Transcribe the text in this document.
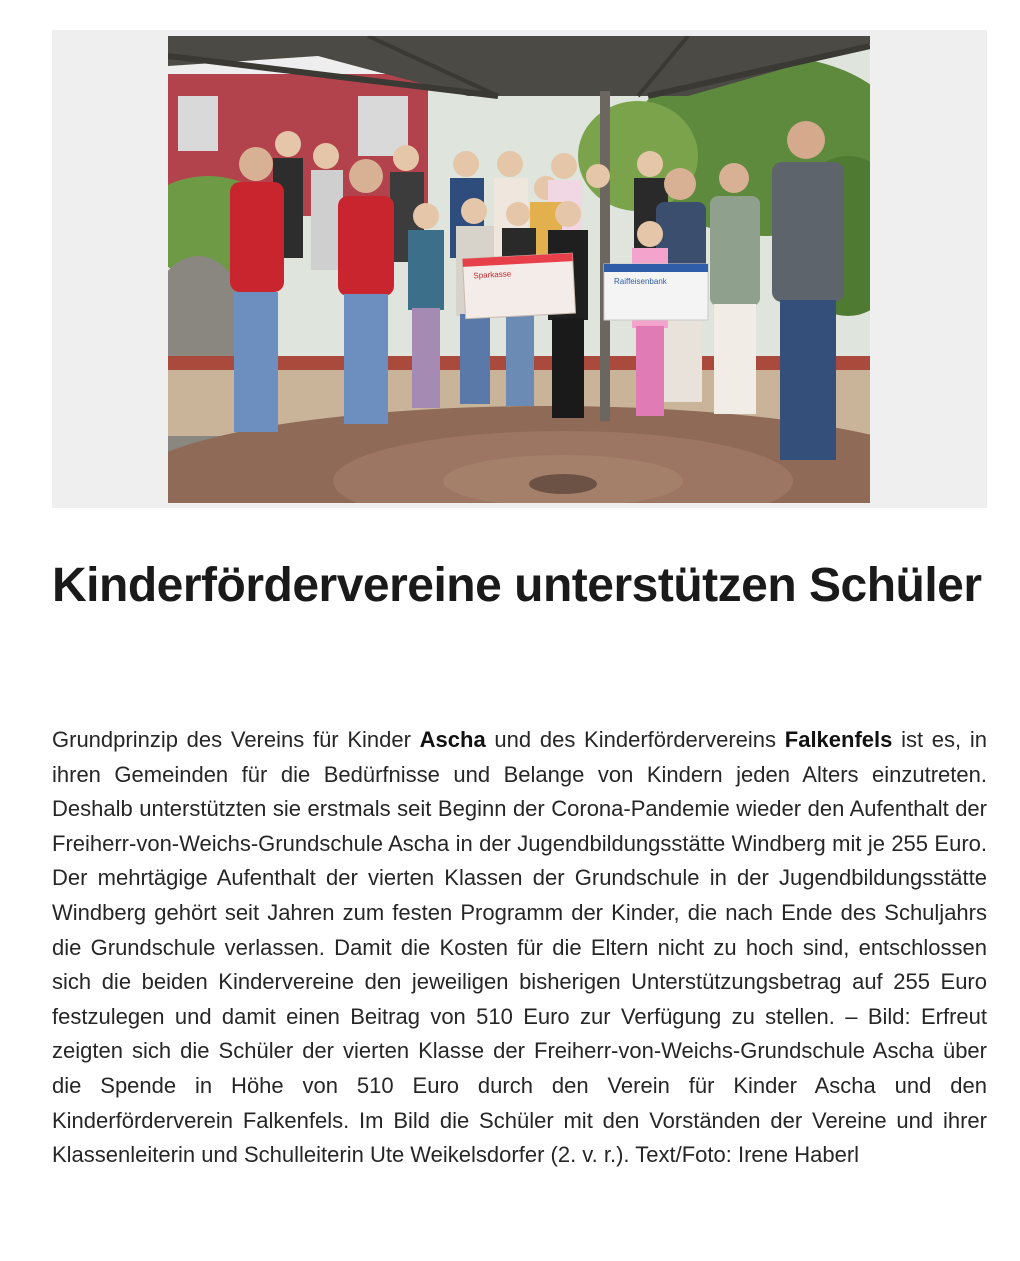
Sparkasse
Raiffeisenbank
Kinderfördervereine unterstützen Schüler

Grundprinzip des Vereins für Kinder Ascha und des Kinderfördervereins Falkenfels ist es, in ihren Gemeinden für die Bedürfnisse und Belange von Kindern jeden Alters einzutreten. Deshalb unterstützten sie erstmals seit Beginn der Corona-Pandemie wieder den Aufenthalt der Freiherr-von-Weichs-Grundschule Ascha in der Jugendbildungsstätte Windberg mit je 255 Euro. Der mehrtägige Aufenthalt der vierten Klassen der Grundschule in der Jugendbildungsstätte Windberg gehört seit Jahren zum festen Programm der Kinder, die nach Ende des Schuljahrs die Grundschule verlassen. Damit die Kosten für die Eltern nicht zu hoch sind, entschlossen sich die beiden Kindervereine den jeweiligen bisherigen Unterstützungsbetrag auf 255 Euro festzulegen und damit einen Beitrag von 510 Euro zur Verfügung zu stellen. – Bild: Erfreut zeigten sich die Schüler der vierten Klasse der Freiherr-von-Weichs-Grundschule Ascha über die Spende in Höhe von 510 Euro durch den Verein für Kinder Ascha und den Kinderförderverein Falkenfels. Im Bild die Schüler mit den Vorständen der Vereine und ihrer Klassenleiterin und Schulleiterin Ute Weikelsdorfer (2. v. r.). Text/Foto: Irene Haberl
